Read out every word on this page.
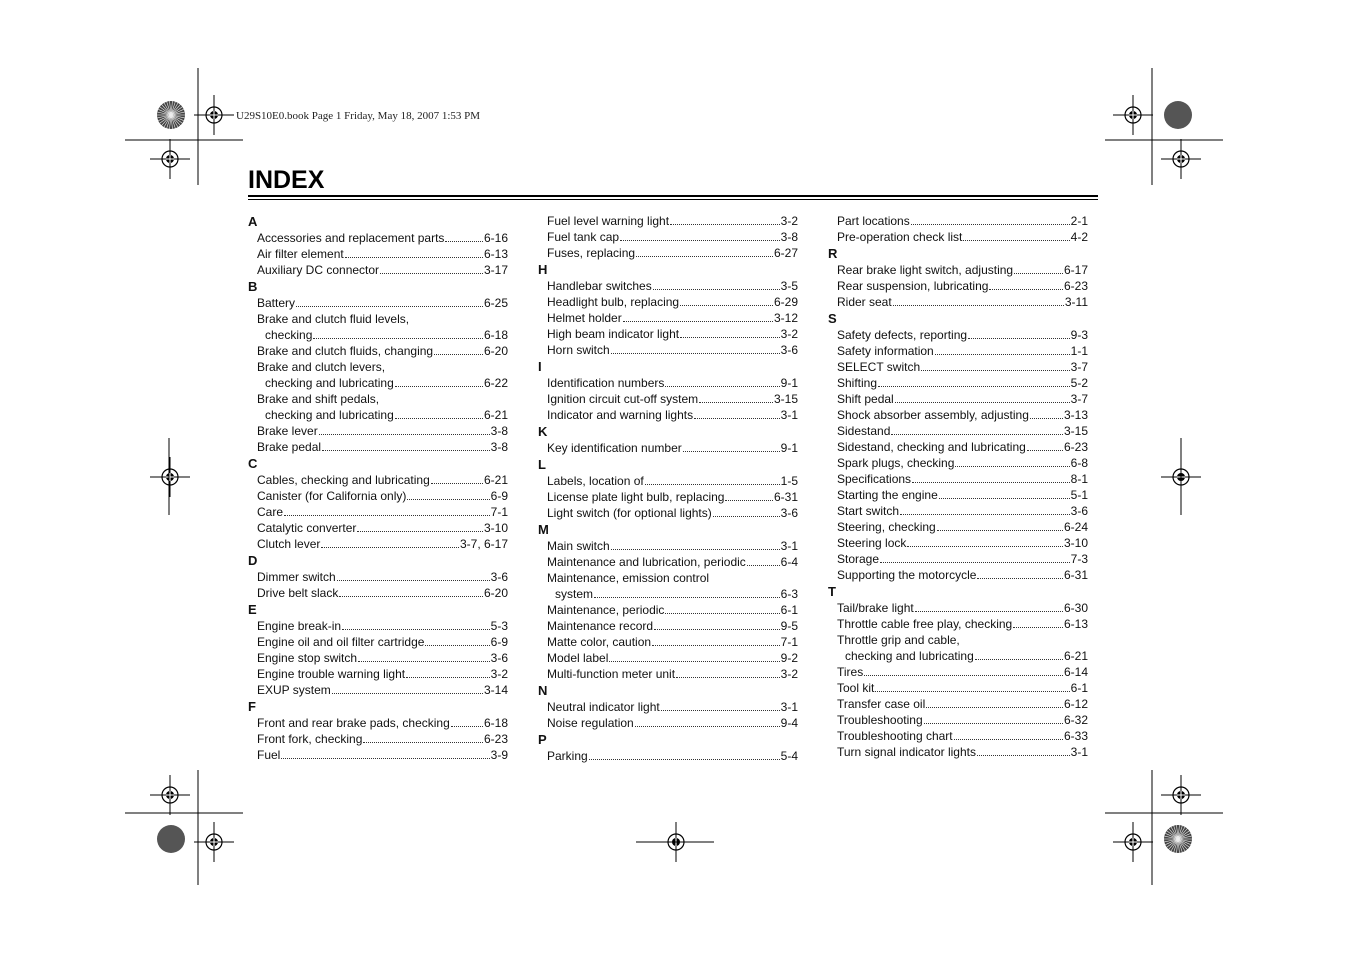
U29S10E0.book Page 1 Friday, May 18, 2007 1:53 PM
INDEX
A
Accessories and replacement parts	6-16
Air filter element	6-13
Auxiliary DC connector	3-17
B
Battery	6-25
Brake and clutch fluid levels,
checking	6-18
Brake and clutch fluids, changing	6-20
Brake and clutch levers,
checking and lubricating	6-22
Brake and shift pedals,
checking and lubricating	6-21
Brake lever	3-8
Brake pedal	3-8
C
Cables, checking and lubricating	6-21
Canister (for California only)	6-9
Care	7-1
Catalytic converter	3-10
Clutch lever	3-7, 6-17
D
Dimmer switch	3-6
Drive belt slack	6-20
E
Engine break-in	5-3
Engine oil and oil filter cartridge	6-9
Engine stop switch	3-6
Engine trouble warning light	3-2
EXUP system	3-14
F
Front and rear brake pads, checking	6-18
Front fork, checking	6-23
Fuel	3-9
Fuel level warning light	3-2
Fuel tank cap	3-8
Fuses, replacing	6-27
H
Handlebar switches	3-5
Headlight bulb, replacing	6-29
Helmet holder	3-12
High beam indicator light	3-2
Horn switch	3-6
I
Identification numbers	9-1
Ignition circuit cut-off system	3-15
Indicator and warning lights	3-1
K
Key identification number	9-1
L
Labels, location of	1-5
License plate light bulb, replacing	6-31
Light switch (for optional lights)	3-6
M
Main switch	3-1
Maintenance and lubrication, periodic	6-4
Maintenance, emission control
system	6-3
Maintenance, periodic	6-1
Maintenance record	9-5
Matte color, caution	7-1
Model label	9-2
Multi-function meter unit	3-2
N
Neutral indicator light	3-1
Noise regulation	9-4
P
Parking	5-4
Part locations	2-1
Pre-operation check list	4-2
R
Rear brake light switch, adjusting	6-17
Rear suspension, lubricating	6-23
Rider seat	3-11
S
Safety defects, reporting	9-3
Safety information	1-1
SELECT switch	3-7
Shifting	5-2
Shift pedal	3-7
Shock absorber assembly, adjusting	3-13
Sidestand	3-15
Sidestand, checking and lubricating	6-23
Spark plugs, checking	6-8
Specifications	8-1
Starting the engine	5-1
Start switch	3-6
Steering, checking	6-24
Steering lock	3-10
Storage	7-3
Supporting the motorcycle	6-31
T
Tail/brake light	6-30
Throttle cable free play, checking	6-13
Throttle grip and cable,
checking and lubricating	6-21
Tires	6-14
Tool kit	6-1
Transfer case oil	6-12
Troubleshooting	6-32
Troubleshooting chart	6-33
Turn signal indicator lights	3-1
